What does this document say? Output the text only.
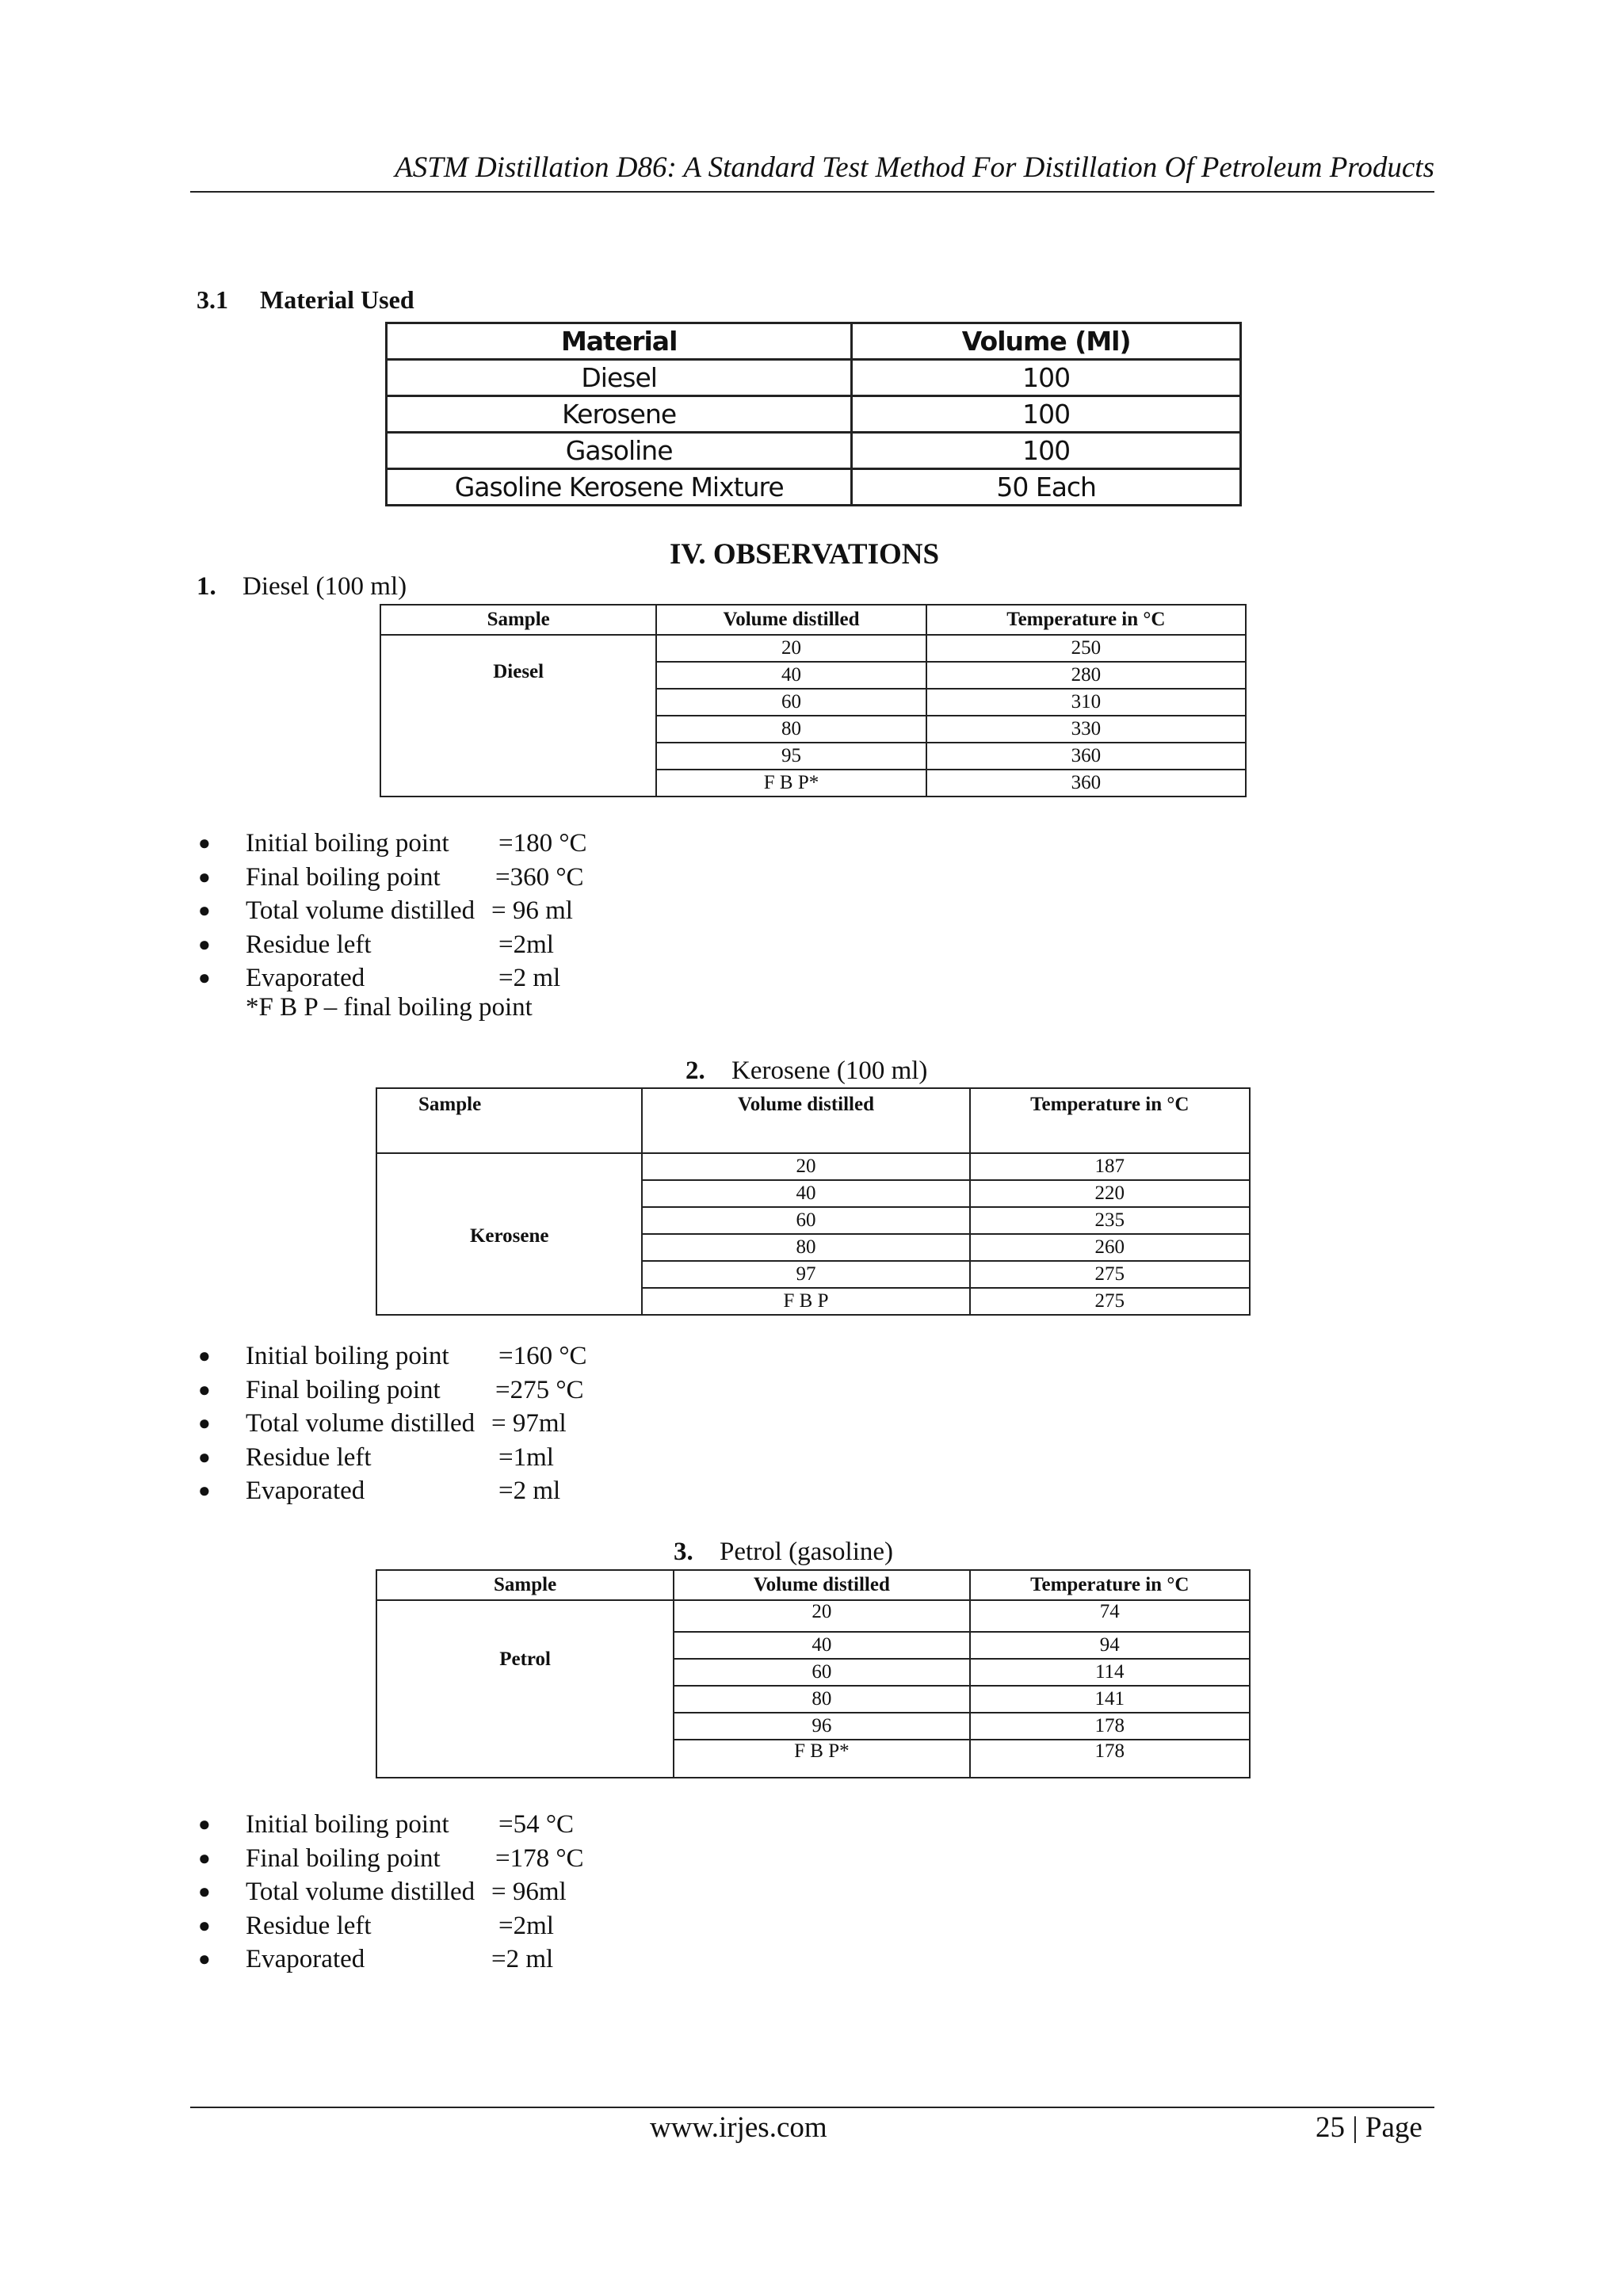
ASTM Distillation D86: A Standard Test Method For Distillation Of Petroleum Products
3.1 Material Used
Material	Volume (Ml)
Diesel	100
Kerosene	100
Gasoline	100
Gasoline Kerosene Mixture	50 Each
IV. OBSERVATIONS
1. Diesel (100 ml)
Sample	Volume distilled	Temperature in °C
Diesel	20	250
	40	280
	60	310
	80	330
	95	360
	F B P*	360
● Initial boiling point =180 °C
● Final boiling point =360 °C
● Total volume distilled = 96 ml
● Residue left	=2ml
● Evaporated	=2 ml
*F B P – final boiling point
2. Kerosene (100 ml)
Sample	Volume distilled	Temperature in °C
Kerosene	20	187
	40	220
	60	235
	80	260
	97	275
	F B P	275
● Initial boiling point =160 °C
● Final boiling point =275 °C
● Total volume distilled = 97ml
● Residue left	=1ml
● Evaporated	=2 ml
3. Petrol (gasoline)
Sample	Volume distilled	Temperature in °C
Petrol	20	74
	40	94
	60	114
	80	141
	96	178
	F B P*	178
● Initial boiling point =54 °C
● Final boiling point =178 °C
● Total volume distilled = 96ml
● Residue left	=2ml
● Evaporated	=2 ml
www.irjes.com	25 | Page
